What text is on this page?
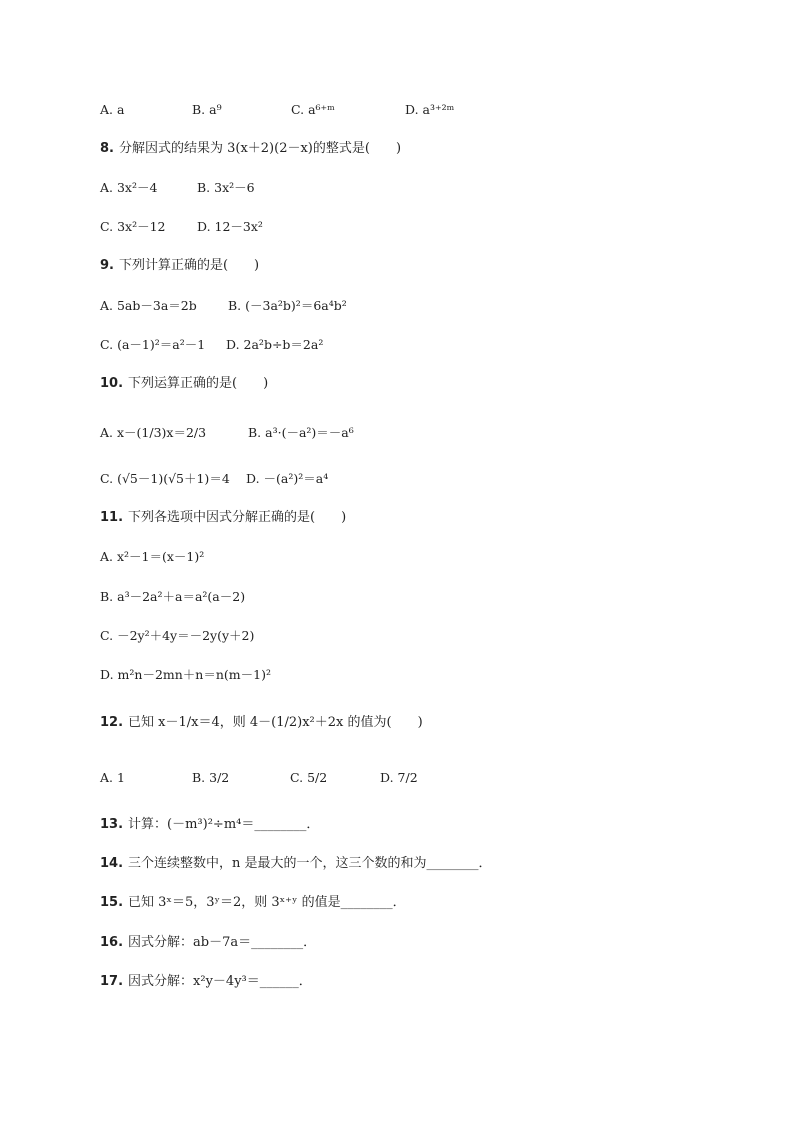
A. a	B. a⁹	C. a⁶⁺ᵐ	D. a³⁺²ᵐ
8. 分解因式的结果为 3(x＋2)(2－x)的整式是(　　)
A. 3x²－4	B. 3x²－6
C. 3x²－12	D. 12－3x²
9. 下列计算正确的是(　　)
A. 5ab－3a＝2b	B. (－3a²b)²＝6a⁴b²
C. (a－1)²＝a²－1 D. 2a²b÷b＝2a²
10. 下列运算正确的是(　　)
A. x－(1/3)x＝2/3	B. a³·(－a²)＝－a⁶
C. (√5－1)(√5＋1)＝4 D. －(a²)²＝a⁴
11. 下列各选项中因式分解正确的是(　　)
A. x²－1＝(x－1)²
B. a³－2a²＋a＝a²(a－2)
C. －2y²＋4y＝－2y(y＋2)
D. m²n－2mn＋n＝n(m－1)²
12. 已知 x－1/x＝4，则 4－(1/2)x²＋2x 的值为(　　)
A. 1	B. 3/2	C. 5/2	D. 7/2
13. 计算：(－m³)²÷m⁴＝________．
14. 三个连续整数中，n 是最大的一个，这三个数的和为________．
15. 已知 3ˣ＝5，3ʸ＝2，则 3ˣ⁺ʸ 的值是________．
16. 因式分解：ab－7a＝________．
17. 因式分解：x²y－4y³＝______．
